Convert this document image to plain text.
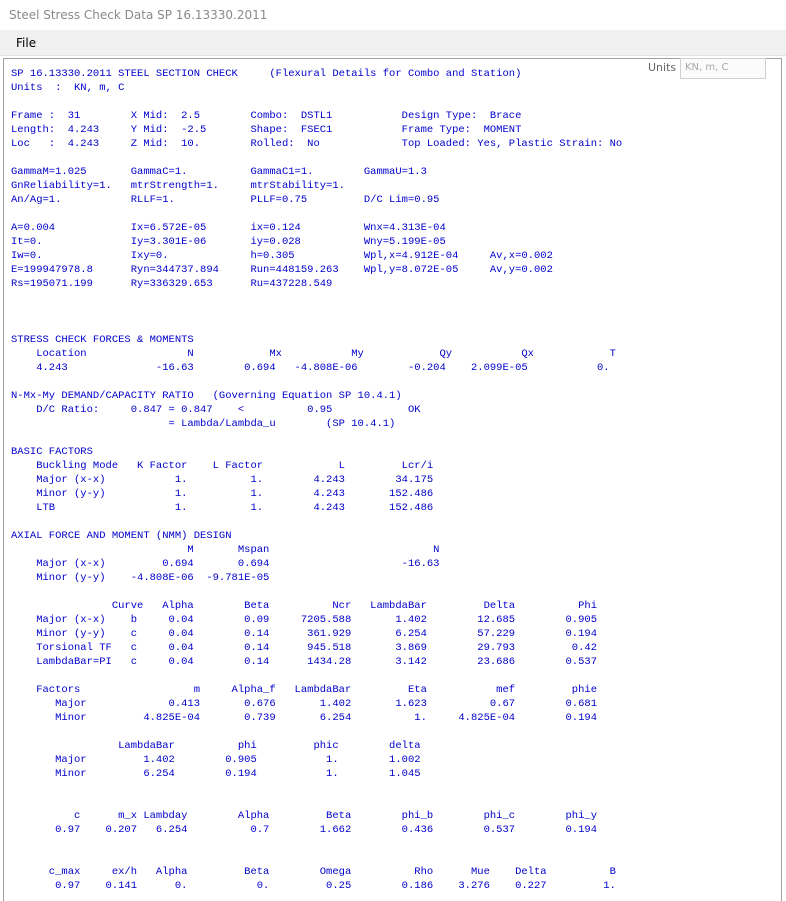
Steel Stress Check Data SP 16.13330.2011
File
SP 16.13330.2011 STEEL SECTION CHECK     (Flexural Details for Combo and Station)
Units  :  KN, m, C
Frame :  31        X Mid:  2.5        Combo:  DSTL1           Design Type:  Brace
Length:  4.243     Y Mid:  -2.5       Shape:  FSEC1           Frame Type:  MOMENT
Loc   :  4.243     Z Mid:  10.        Rolled:  No             Top Loaded: Yes, Plastic Strain: No
GammaM=1.025       GammaC=1.          GammaC1=1.        GammaU=1.3
GnReliability=1.   mtrStrength=1.     mtrStability=1.
An/Ag=1.           RLLF=1.            PLLF=0.75         D/C Lim=0.95
A=0.004            Ix=6.572E-05       ix=0.124          Wnx=4.313E-04
It=0.              Iy=3.301E-06       iy=0.028          Wny=5.199E-05
Iw=0.              Ixy=0.             h=0.305           Wpl,x=4.912E-04     Av,x=0.002
E=199947978.8      Ryn=344737.894     Run=448159.263    Wpl,y=8.072E-05     Av,y=0.002
Rs=195071.199      Ry=336329.653      Ru=437228.549
STRESS CHECK FORCES & MOMENTS
Location                N            Mx           My            Qy           Qx            T
4.243              -16.63        0.694   -4.808E-06        -0.204    2.099E-05           0.
N-Mx-My DEMAND/CAPACITY RATIO   (Governing Equation SP 10.4.1)
D/C Ratio:     0.847 = 0.847    <          0.95            OK
= Lambda/Lambda_u        (SP 10.4.1)
BASIC FACTORS
Buckling Mode   K Factor    L Factor            L         Lcr/i
Major (x-x)           1.          1.        4.243        34.175
Minor (y-y)           1.          1.        4.243       152.486
LTB                   1.          1.        4.243       152.486
AXIAL FORCE AND MOMENT (NMM) DESIGN
M       Mspan                          N
Major (x-x)         0.694       0.694                     -16.63
Minor (y-y)    -4.808E-06  -9.781E-05
Curve   Alpha        Beta          Ncr   LambdaBar         Delta          Phi
Major (x-x)    b     0.04        0.09     7205.588       1.402        12.685        0.905
Minor (y-y)    c     0.04        0.14      361.929       6.254        57.229        0.194
Torsional TF   c     0.04        0.14      945.518       3.869        29.793         0.42
LambdaBar=PI   c     0.04        0.14      1434.28       3.142        23.686        0.537
Factors                  m     Alpha_f   LambdaBar         Eta           mef         phie
Major             0.413       0.676       1.402       1.623          0.67        0.681
Minor         4.825E-04       0.739       6.254          1.     4.825E-04        0.194
LambdaBar          phi         phic        delta
Major         1.402        0.905           1.        1.002
Minor         6.254        0.194           1.        1.045
c      m_x Lambday        Alpha         Beta        phi_b        phi_c        phi_y
0.97    0.207   6.254          0.7        1.662        0.436        0.537        0.194
c_max     ex/h   Alpha         Beta        Omega          Rho      Mue    Delta          B
0.97    0.141      0.           0.         0.25        0.186    3.276    0.227         1.
Units KN, m, C
